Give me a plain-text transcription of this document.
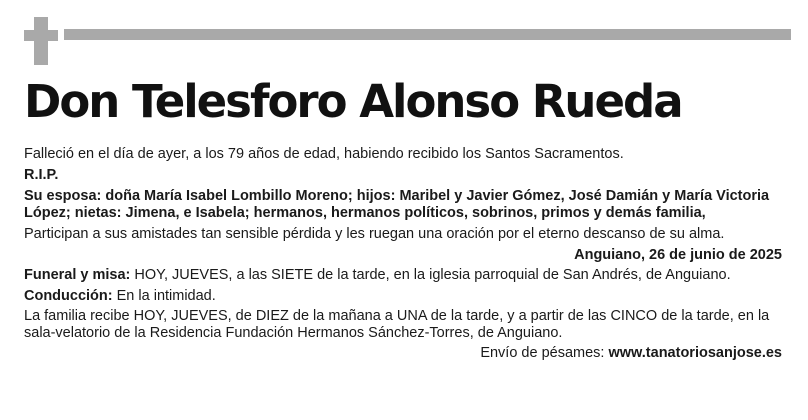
Don Telesforo Alonso Rueda

Falleció en el día de ayer, a los 79 años de edad, habiendo recibido los Santos Sacramentos.

R.I.P.

Su esposa: doña María Isabel Lombillo Moreno; hijos: Maribel y Javier Gómez, José Damián y María Victoria López; nietas: Jimena, e Isabela; hermanos, hermanos políticos, sobrinos, primos y demás familia,

Participan a sus amistades tan sensible pérdida y les ruegan una oración por el eterno descanso de su alma.

Anguiano, 26 de junio de 2025

Funeral y misa: HOY, JUEVES, a las SIETE de la tarde, en la iglesia parroquial de San Andrés, de Anguiano.

Conducción: En la intimidad.

La familia recibe HOY, JUEVES, de DIEZ de la mañana a UNA de la tarde, y a partir de las CINCO de la tarde, en la sala-velatorio de la Residencia Fundación Hermanos Sánchez-Torres, de Anguiano.

Envío de pésames: www.tanatoriosanjose.es
